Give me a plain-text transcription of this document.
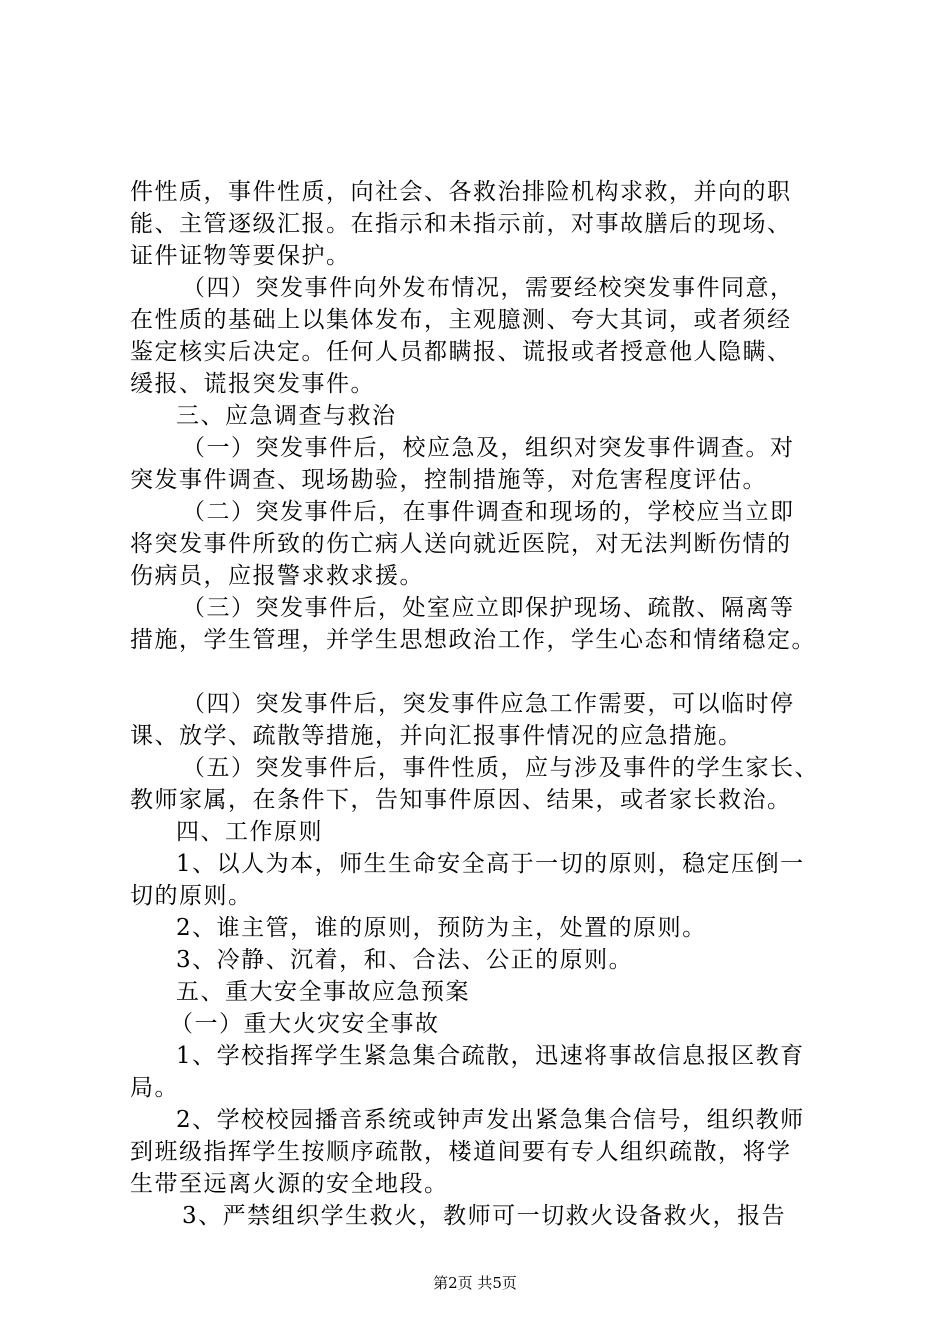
件性质，事件性质，向社会、各救治排险机构求救，并向的职
能、主管逐级汇报。在指示和未指示前，对事故膳后的现场、
证件证物等要保护。
（四）突发事件向外发布情况，需要经校突发事件同意，
在性质的基础上以集体发布，主观臆测、夸大其词，或者须经
鉴定核实后决定。任何人员都瞒报、谎报或者授意他人隐瞒、
缓报、谎报突发事件。
三、应急调查与救治
（一）突发事件后，校应急及，组织对突发事件调查。对
突发事件调查、现场勘验，控制措施等，对危害程度评估。
（二）突发事件后，在事件调查和现场的，学校应当立即
将突发事件所致的伤亡病人送向就近医院，对无法判断伤情的
伤病员，应报警求救求援。
（三）突发事件后，处室应立即保护现场、疏散、隔离等
措施，学生管理，并学生思想政治工作，学生心态和情绪稳定。
（四）突发事件后，突发事件应急工作需要，可以临时停
课、放学、疏散等措施，并向汇报事件情况的应急措施。
（五）突发事件后，事件性质，应与涉及事件的学生家长、
教师家属，在条件下，告知事件原因、结果，或者家长救治。
四、工作原则
1、以人为本，师生生命安全高于一切的原则，稳定压倒一
切的原则。
2、谁主管，谁的原则，预防为主，处置的原则。
3、冷静、沉着，和、合法、公正的原则。
五、重大安全事故应急预案
（一）重大火灾安全事故
1、学校指挥学生紧急集合疏散，迅速将事故信息报区教育
局。
2、学校校园播音系统或钟声发出紧急集合信号，组织教师
到班级指挥学生按顺序疏散，楼道间要有专人组织疏散，将学
生带至远离火源的安全地段。
3、严禁组织学生救火，教师可一切救火设备救火，报告
第2页 共5页
